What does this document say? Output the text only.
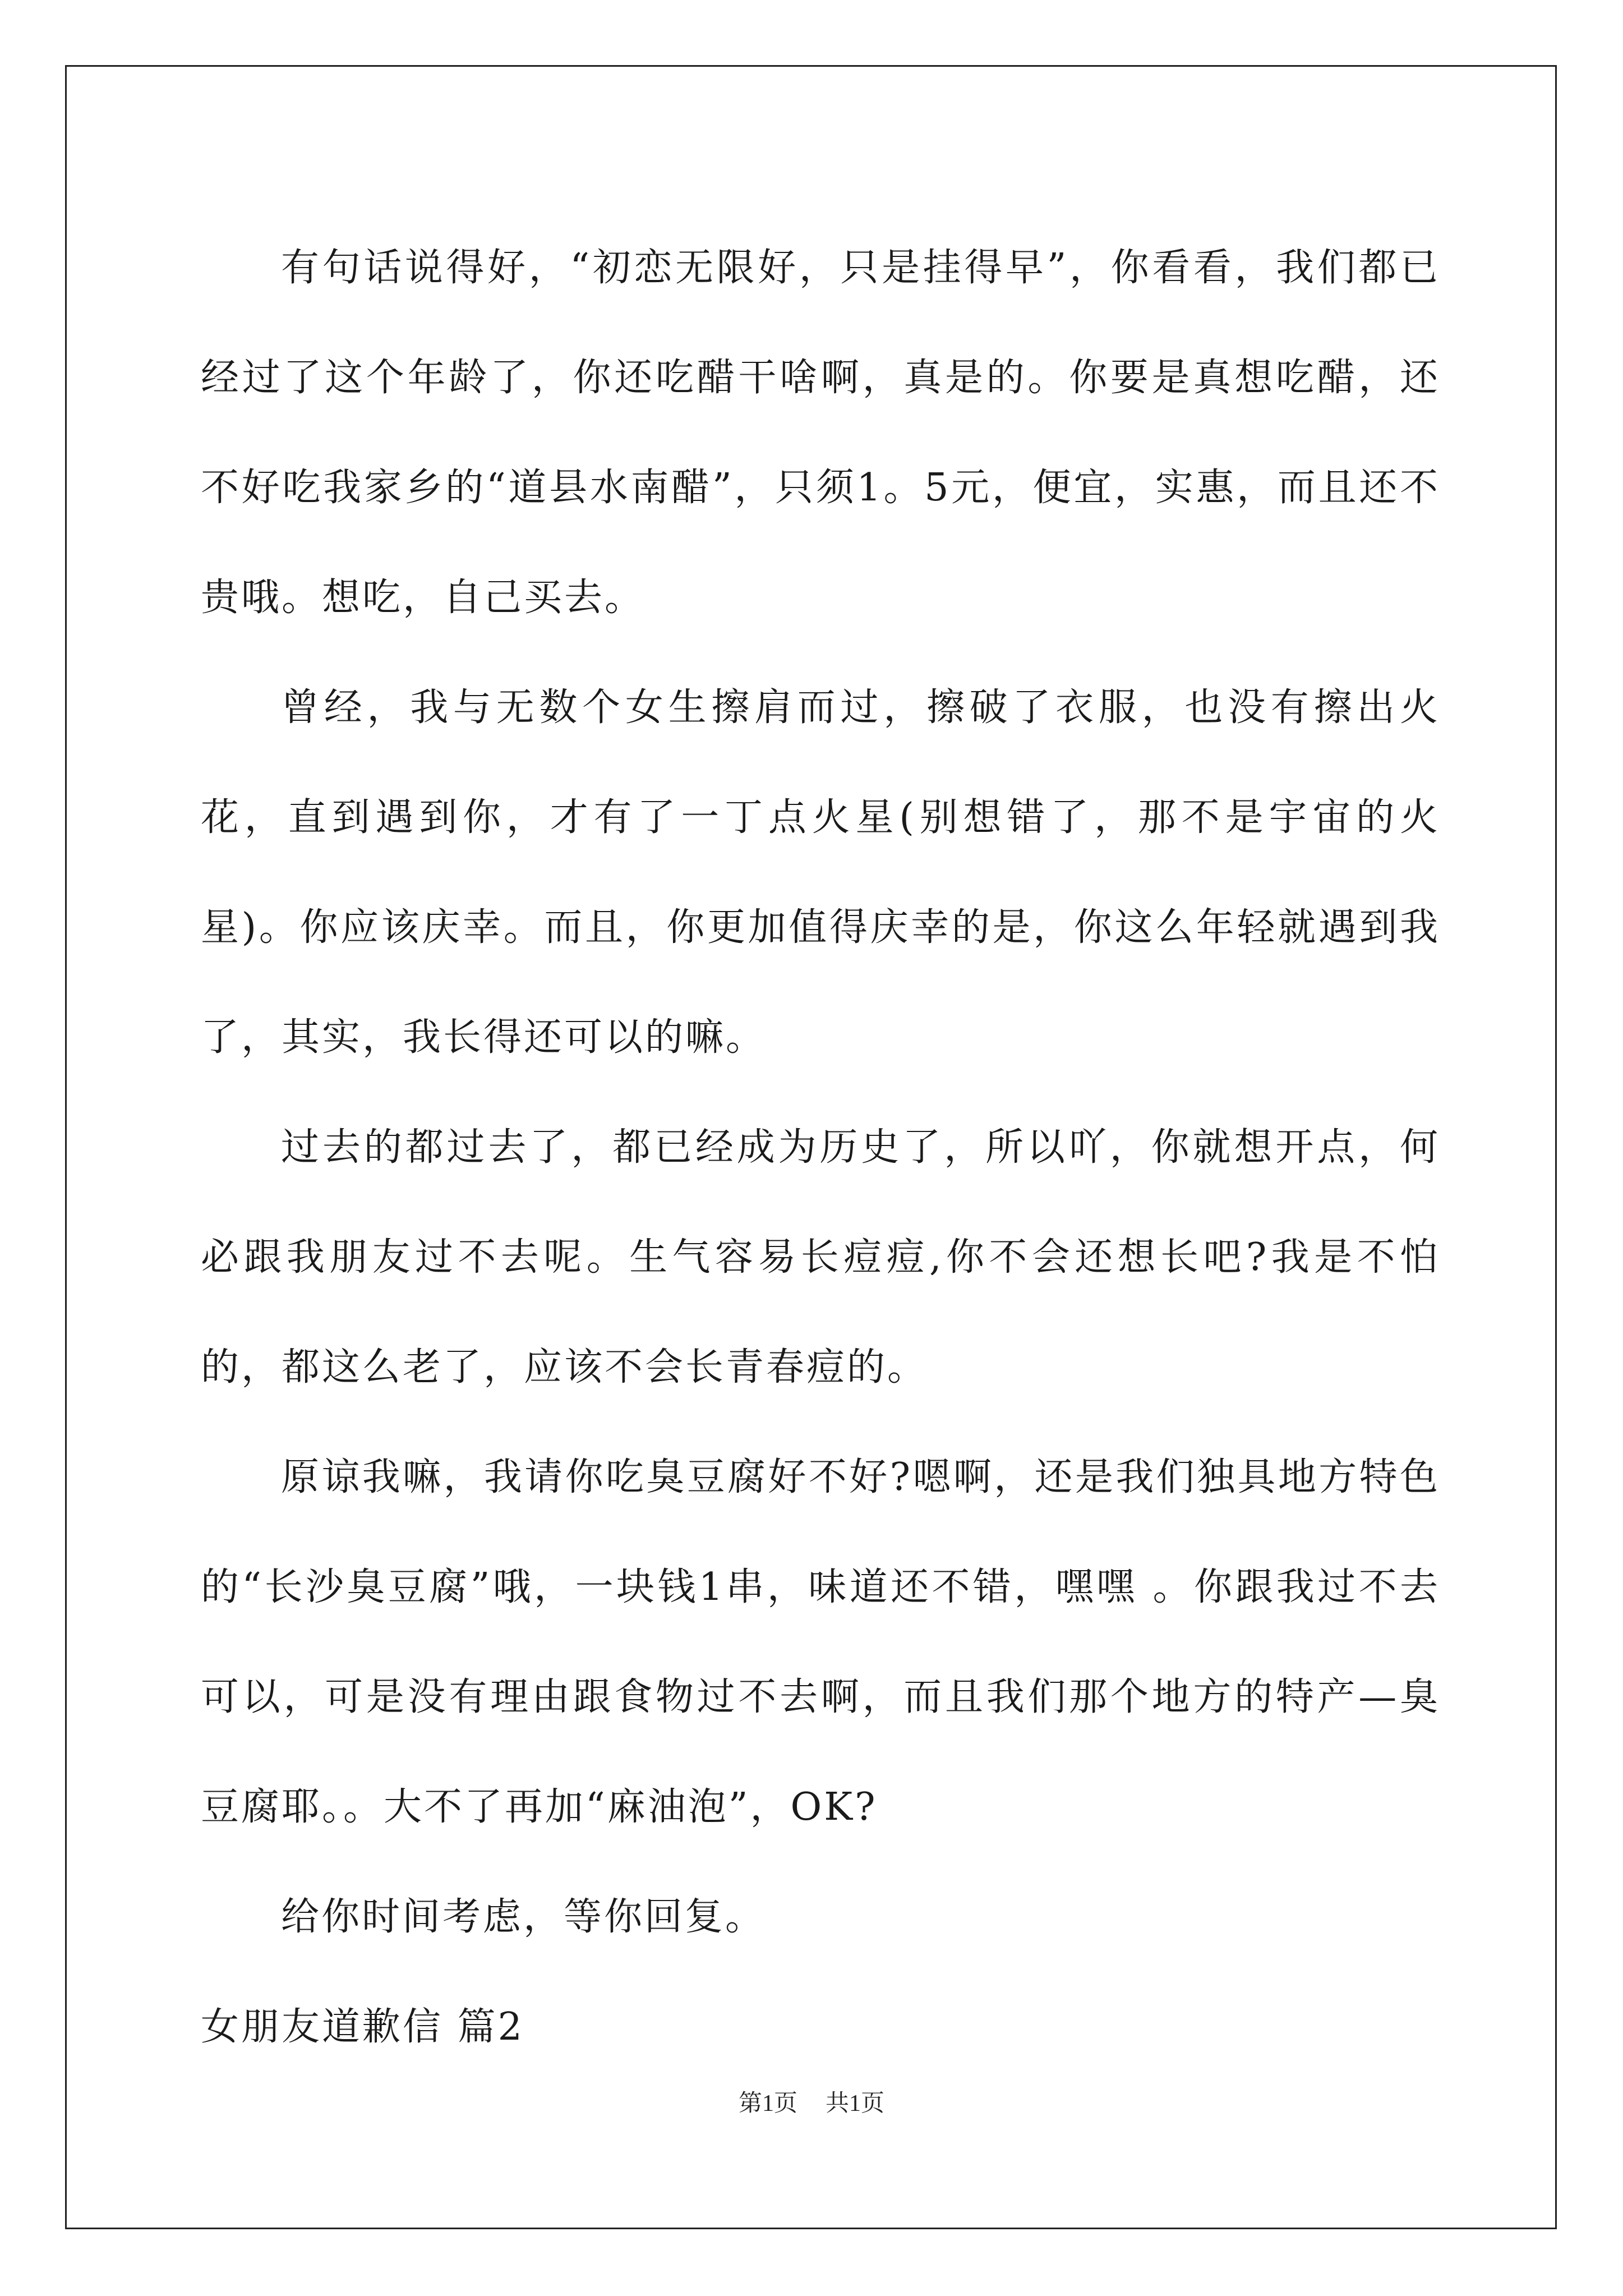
有句话说得好，“初恋无限好，只是挂得早”，你看看，我们都已经过了这个年龄了，你还吃醋干啥啊，真是的。你要是真想吃醋，还不好吃我家乡的“道县水南醋”，只须1。5元，便宜，实惠，而且还不贵哦。想吃，自己买去。

曾经，我与无数个女生擦肩而过，擦破了衣服，也没有擦出火花，直到遇到你，才有了一丁点火星(别想错了，那不是宇宙的火星)。你应该庆幸。而且，你更加值得庆幸的是，你这么年轻就遇到我了，其实，我长得还可以的嘛。

过去的都过去了，都已经成为历史了，所以吖，你就想开点，何必跟我朋友过不去呢。生气容易长痘痘,你不会还想长吧?我是不怕的，都这么老了，应该不会长青春痘的。

原谅我嘛，我请你吃臭豆腐好不好?嗯啊，还是我们独具地方特色的“长沙臭豆腐”哦，一块钱1串，味道还不错，嘿嘿 。你跟我过不去可以，可是没有理由跟食物过不去啊，而且我们那个地方的特产—臭豆腐耶。。大不了再加“麻油泡”，OK?

给你时间考虑，等你回复。

女朋友道歉信 篇2

第1页 共1页
